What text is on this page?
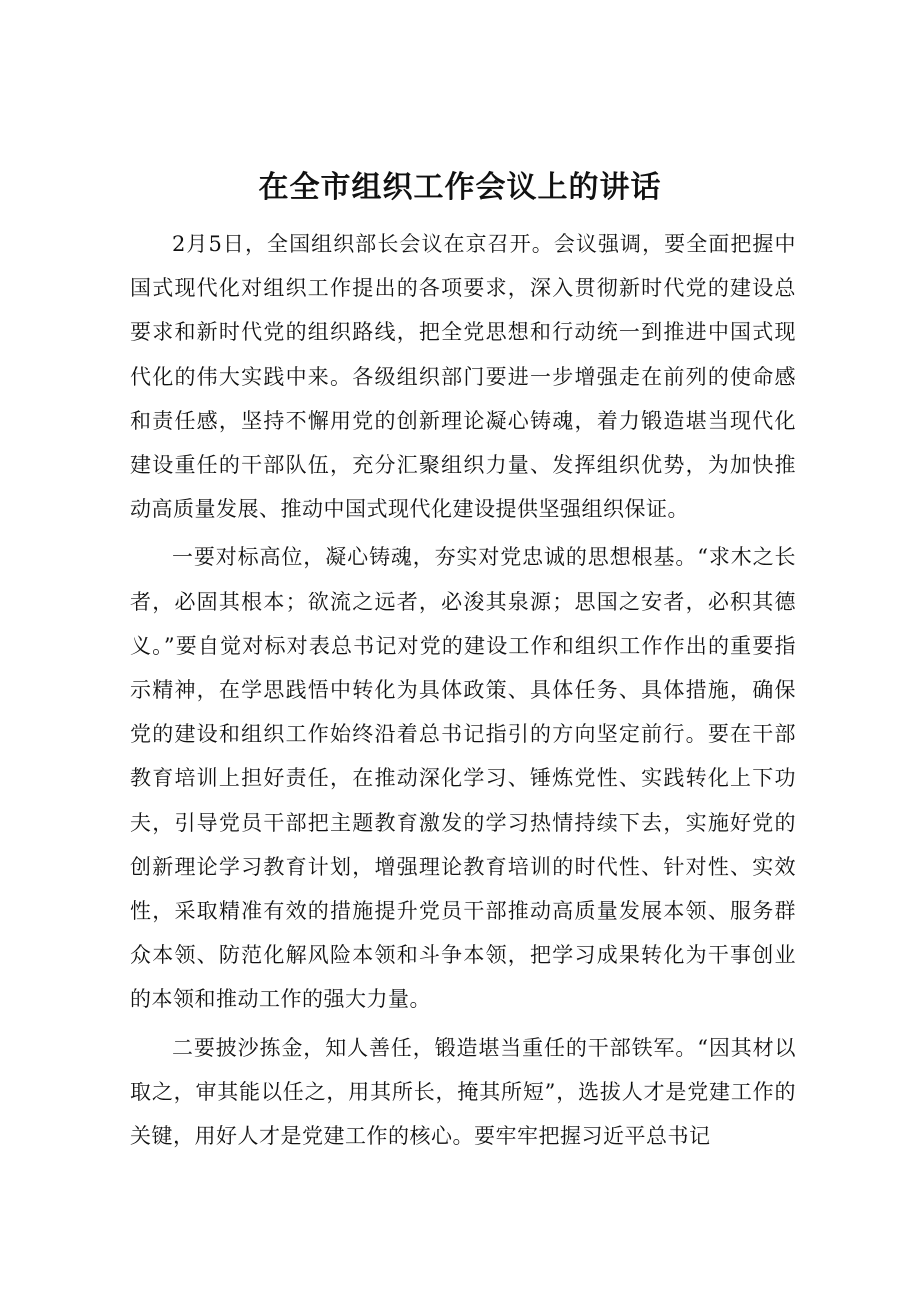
在全市组织工作会议上的讲话

2月5日，全国组织部长会议在京召开。会议强调，要全面把握中国式现代化对组织工作提出的各项要求，深入贯彻新时代党的建设总要求和新时代党的组织路线，把全党思想和行动统一到推进中国式现代化的伟大实践中来。各级组织部门要进一步增强走在前列的使命感和责任感，坚持不懈用党的创新理论凝心铸魂，着力锻造堪当现代化建设重任的干部队伍，充分汇聚组织力量、发挥组织优势，为加快推动高质量发展、推动中国式现代化建设提供坚强组织保证。

一要对标高位，凝心铸魂，夯实对党忠诚的思想根基。“求木之长者，必固其根本；欲流之远者，必浚其泉源；思国之安者，必积其德义。”要自觉对标对表总书记对党的建设工作和组织工作作出的重要指示精神，在学思践悟中转化为具体政策、具体任务、具体措施，确保党的建设和组织工作始终沿着总书记指引的方向坚定前行。要在干部教育培训上担好责任，在推动深化学习、锤炼党性、实践转化上下功夫，引导党员干部把主题教育激发的学习热情持续下去，实施好党的创新理论学习教育计划，增强理论教育培训的时代性、针对性、实效性，采取精准有效的措施提升党员干部推动高质量发展本领、服务群众本领、防范化解风险本领和斗争本领，把学习成果转化为干事创业的本领和推动工作的强大力量。

二要披沙拣金，知人善任，锻造堪当重任的干部铁军。“因其材以取之，审其能以任之，用其所长，掩其所短”，选拔人才是党建工作的关键，用好人才是党建工作的核心。要牢牢把握习近平总书记
